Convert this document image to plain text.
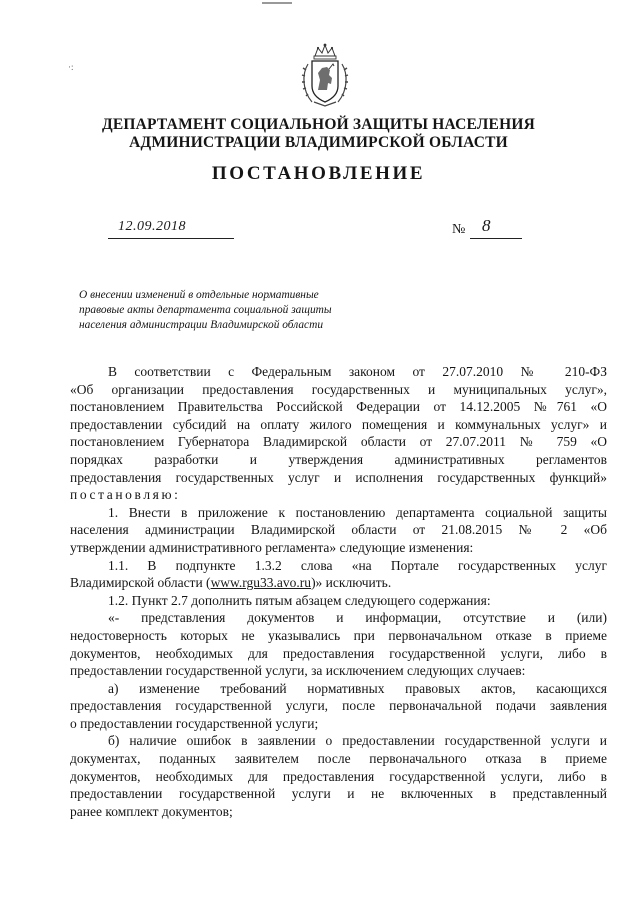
·:
ДЕПАРТАМЕНТ СОЦИАЛЬНОЙ ЗАЩИТЫ НАСЕЛЕНИЯ
АДМИНИСТРАЦИИ ВЛАДИМИРСКОЙ ОБЛАСТИ
ПОСТАНОВЛЕНИЕ
12.09.2018	№ 8
О внесении изменений в отдельные нормативные
правовые акты департамента социальной защиты
населения администрации Владимирской области
В соответствии с Федеральным законом от 27.07.2010 № 210-ФЗ
«Об организации предоставления государственных и муниципальных услуг»,
постановлением Правительства Российской Федерации от 14.12.2005 №761 «О
предоставлении субсидий на оплату жилого помещения и коммунальных услуг» и
постановлением Губернатора Владимирской области от 27.07.2011 № 759 «О
порядках разработки и утверждения административных регламентов
предоставления государственных услуг и исполнения государственных функций»
постановляю:
1. Внести в приложение к постановлению департамента социальной защиты
населения администрации Владимирской области от 21.08.2015 № 2 «Об
утверждении административного регламента» следующие изменения:
1.1. В подпункте 1.3.2 слова «на Портале государственных услуг
Владимирской области (www.rgu33.avo.ru)» исключить.
1.2. Пункт 2.7 дополнить пятым абзацем следующего содержания:
«- представления документов и информации, отсутствие и (или)
недостоверность которых не указывались при первоначальном отказе в приеме
документов, необходимых для предоставления государственной услуги, либо в
предоставлении государственной услуги, за исключением следующих случаев:
а) изменение требований нормативных правовых актов, касающихся
предоставления государственной услуги, после первоначальной подачи заявления
о предоставлении государственной услуги;
б) наличие ошибок в заявлении о предоставлении государственной услуги и
документах, поданных заявителем после первоначального отказа в приеме
документов, необходимых для предоставления государственной услуги, либо в
предоставлении государственной услуги и не включенных в представленный
ранее комплект документов;
